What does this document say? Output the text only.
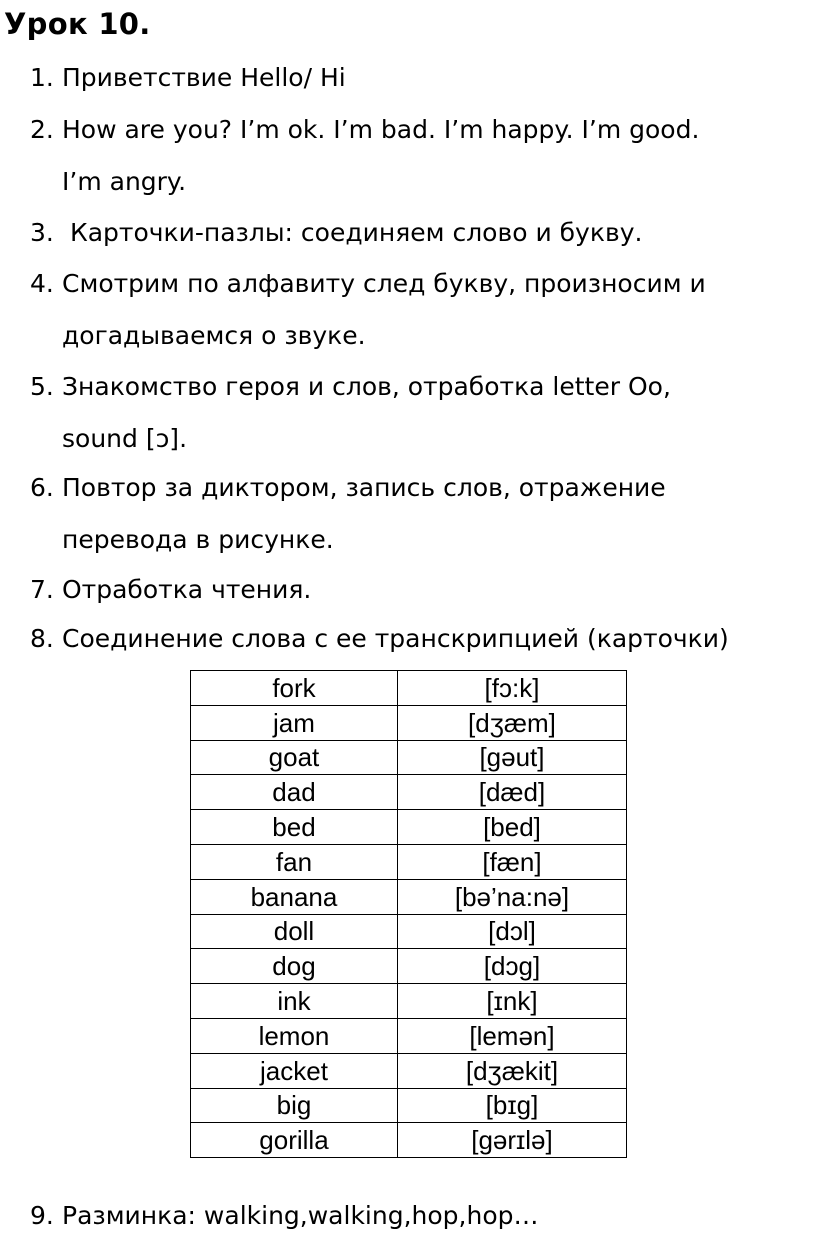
Урок 10.
1. Приветствие Hello/ Hi
2. How are you? I’m ok. I’m bad. I’m happy. I’m good.
I’m angry.
3. Карточки-пазлы: соединяем слово и букву.
4. Смотрим по алфавиту след букву, произносим и
догадываемся о звуке.
5. Знакомство героя и слов, отработка letter Oo,
sound [ɔ].
6. Повтор за диктором, запись слов, отражение
перевода в рисунке.
7. Отработка чтения.
8. Соединение слова с ее транскрипцией (карточки)
9. Разминка: walking,walking,hop,hop…
fork	[fɔ:k]
jam	[dʒæm]
goat	[gəut]
dad	[dæd]
bed	[bed]
fan	[fæn]
banana	[bə’na:nə]
doll	[dɔl]
dog	[dɔg]
ink	[ɪnk]
lemon	[lemən]
jacket	[dʒækit]
big	[bɪg]
gorilla	[gərɪlə]
